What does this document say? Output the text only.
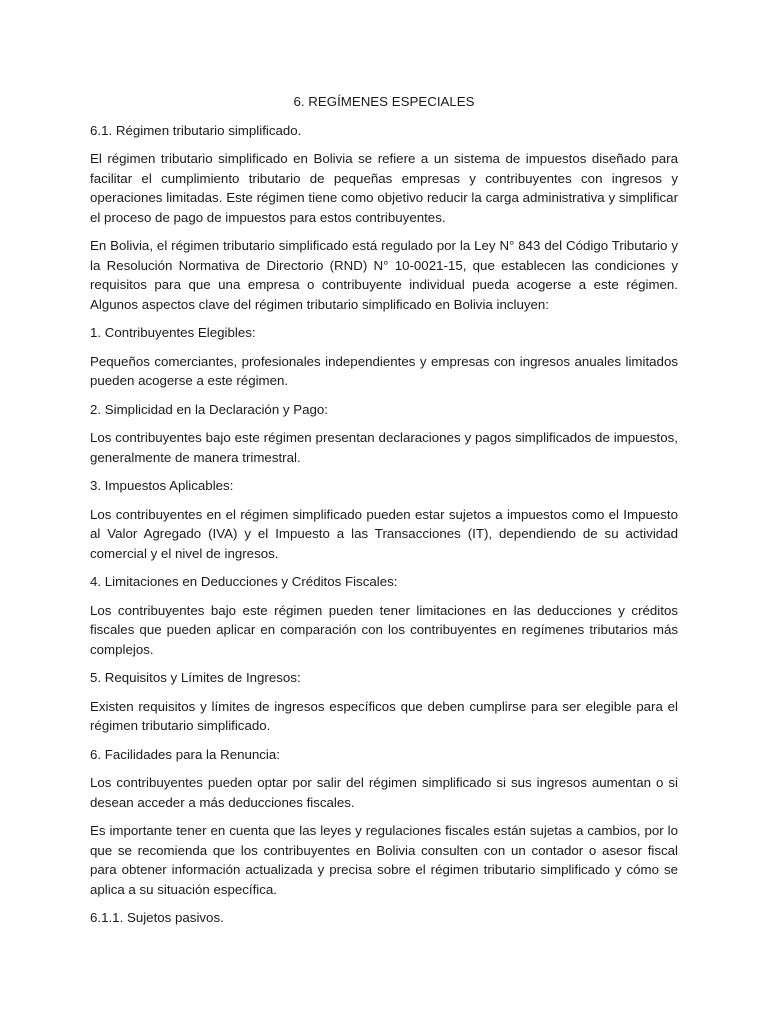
6. REGÍMENES ESPECIALES
6.1. Régimen tributario simplificado.
El régimen tributario simplificado en Bolivia se refiere a un sistema de impuestos diseñado para facilitar el cumplimiento tributario de pequeñas empresas y contribuyentes con ingresos y operaciones limitadas. Este régimen tiene como objetivo reducir la carga administrativa y simplificar el proceso de pago de impuestos para estos contribuyentes.
En Bolivia, el régimen tributario simplificado está regulado por la Ley N° 843 del Código Tributario y la Resolución Normativa de Directorio (RND) N° 10-0021-15, que establecen las condiciones y requisitos para que una empresa o contribuyente individual pueda acogerse a este régimen. Algunos aspectos clave del régimen tributario simplificado en Bolivia incluyen:
1. Contribuyentes Elegibles:
Pequeños comerciantes, profesionales independientes y empresas con ingresos anuales limitados pueden acogerse a este régimen.
2. Simplicidad en la Declaración y Pago:
Los contribuyentes bajo este régimen presentan declaraciones y pagos simplificados de impuestos, generalmente de manera trimestral.
3. Impuestos Aplicables:
Los contribuyentes en el régimen simplificado pueden estar sujetos a impuestos como el Impuesto al Valor Agregado (IVA) y el Impuesto a las Transacciones (IT), dependiendo de su actividad comercial y el nivel de ingresos.
4. Limitaciones en Deducciones y Créditos Fiscales:
Los contribuyentes bajo este régimen pueden tener limitaciones en las deducciones y créditos fiscales que pueden aplicar en comparación con los contribuyentes en regímenes tributarios más complejos.
5. Requisitos y Límites de Ingresos:
Existen requisitos y límites de ingresos específicos que deben cumplirse para ser elegible para el régimen tributario simplificado.
6. Facilidades para la Renuncia:
Los contribuyentes pueden optar por salir del régimen simplificado si sus ingresos aumentan o si desean acceder a más deducciones fiscales.
Es importante tener en cuenta que las leyes y regulaciones fiscales están sujetas a cambios, por lo que se recomienda que los contribuyentes en Bolivia consulten con un contador o asesor fiscal para obtener información actualizada y precisa sobre el régimen tributario simplificado y cómo se aplica a su situación específica.
6.1.1. Sujetos pasivos.
